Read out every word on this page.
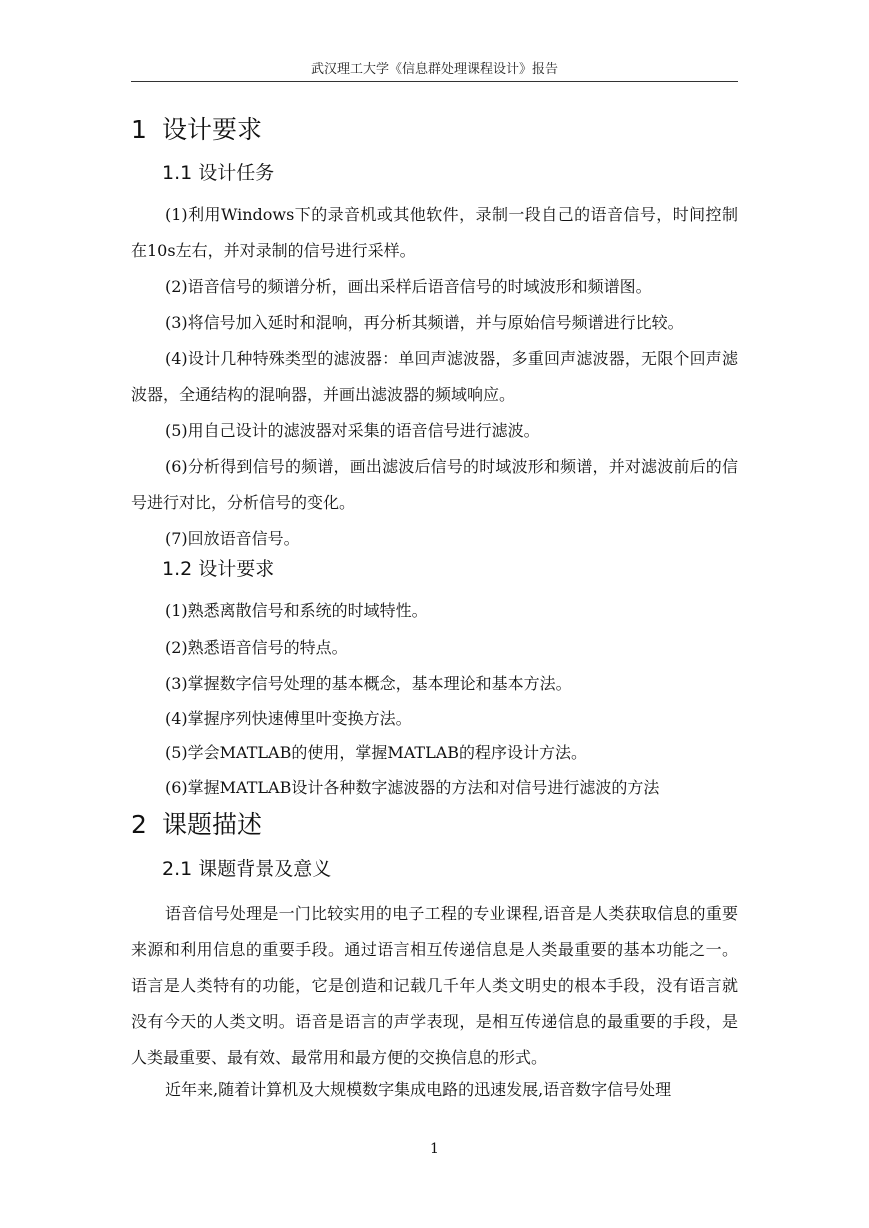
武汉理工大学《信息群处理课程设计》报告
1 设计要求
1.1 设计任务

(1)利用Windows下的录音机或其他软件，录制一段自己的语音信号，时间控制在10s左右，并对录制的信号进行采样。

(2)语音信号的频谱分析，画出采样后语音信号的时域波形和频谱图。

(3)将信号加入延时和混响，再分析其频谱，并与原始信号频谱进行比较。

(4)设计几种特殊类型的滤波器：单回声滤波器，多重回声滤波器，无限个回声滤波器，全通结构的混响器，并画出滤波器的频域响应。

(5)用自己设计的滤波器对采集的语音信号进行滤波。

(6)分析得到信号的频谱，画出滤波后信号的时域波形和频谱，并对滤波前后的信号进行对比，分析信号的变化。

(7)回放语音信号。

1.2 设计要求
(1)熟悉离散信号和系统的时域特性。
(2)熟悉语音信号的特点。
(3)掌握数字信号处理的基本概念，基本理论和基本方法。
(4)掌握序列快速傅里叶变换方法。
(5)学会MATLAB的使用，掌握MATLAB的程序设计方法。
(6)掌握MATLAB设计各种数字滤波器的方法和对信号进行滤波的方法
2 课题描述
2.1 课题背景及意义

语音信号处理是一门比较实用的电子工程的专业课程,语音是人类获取信息的重要来源和利用信息的重要手段。通过语言相互传递信息是人类最重要的基本功能之一。语言是人类特有的功能，它是创造和记载几千年人类文明史的根本手段，没有语言就没有今天的人类文明。语音是语言的声学表现，是相互传递信息的最重要的手段，是人类最重要、最有效、最常用和最方便的交换信息的形式。

近年来,随着计算机及大规模数字集成电路的迅速发展,语音数字信号处理

1
